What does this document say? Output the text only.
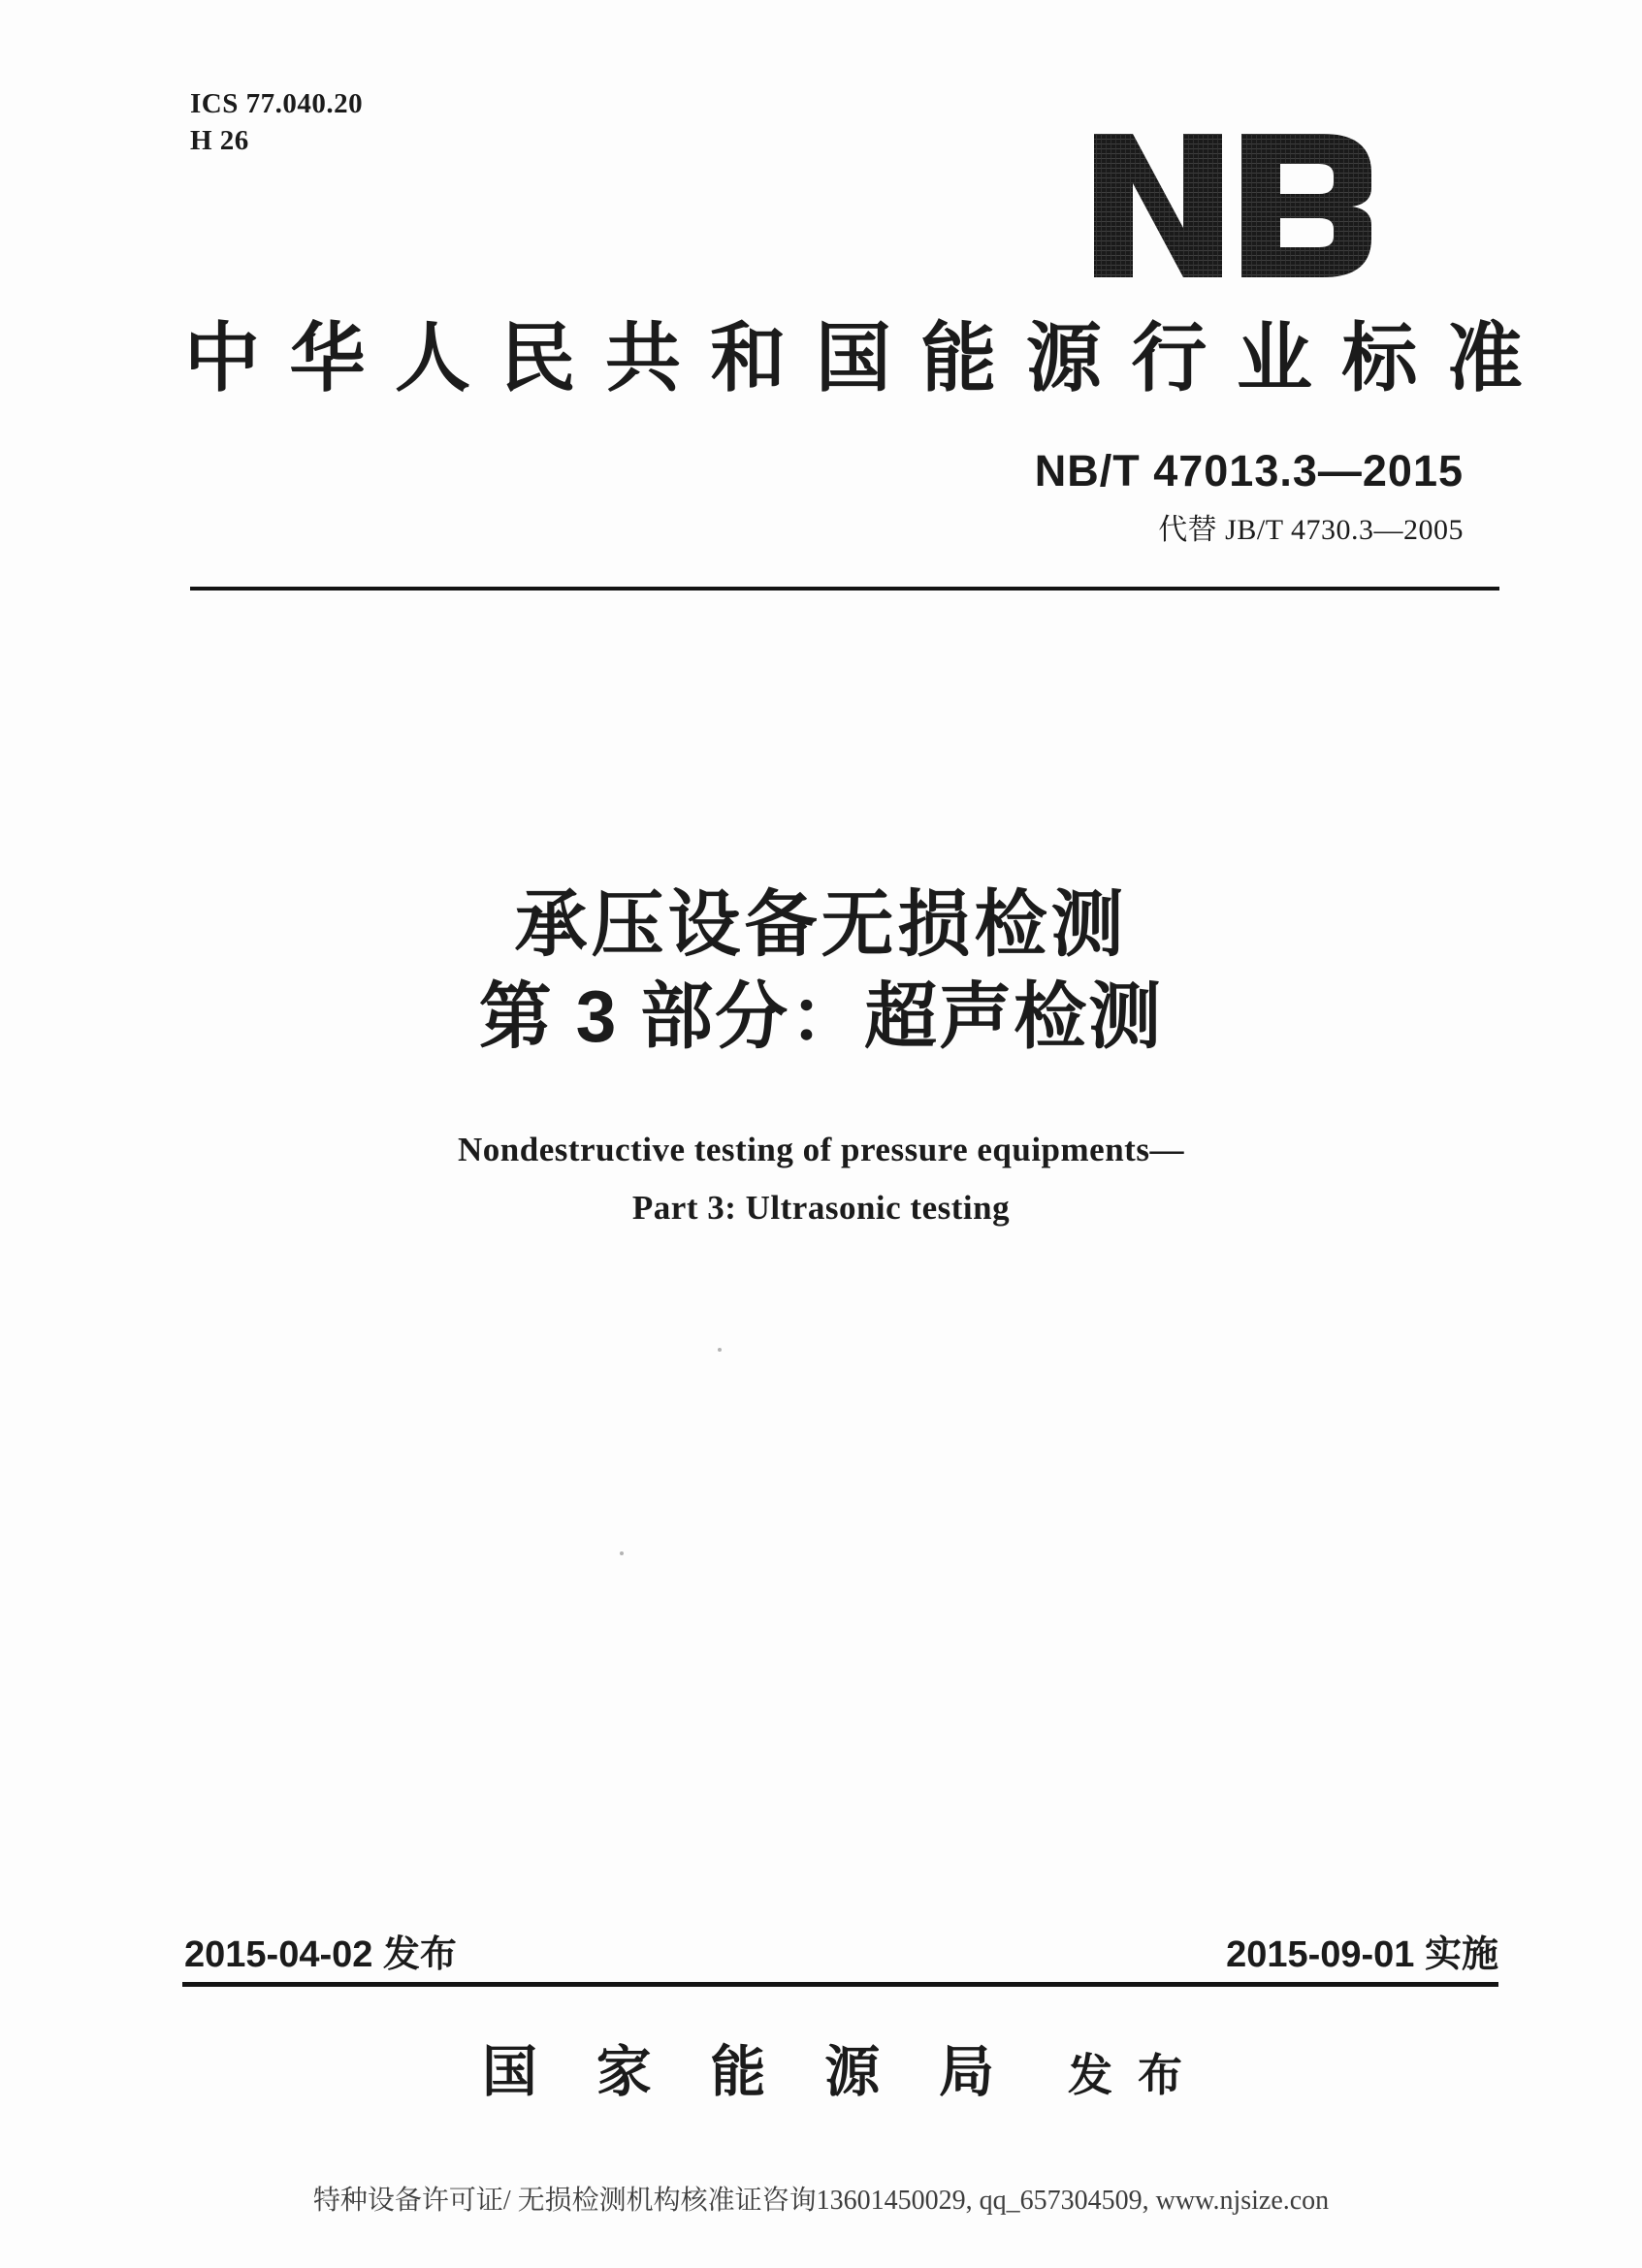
ICS 77.040.20
H 26
中 华 人 民 共 和 国 能 源 行 业 标 准
NB/T 47013.3—2015
代替 JB/T 4730.3—2005
承压设备无损检测
第 3 部分：超声检测
Nondestructive testing of pressure equipments—
Part 3: Ultrasonic testing
2015-04-02 发布	2015-09-01 实施
国 家 能 源 局 发布
特种设备许可证/ 无损检测机构核准证咨询13601450029, qq_657304509, www.njsize.con
